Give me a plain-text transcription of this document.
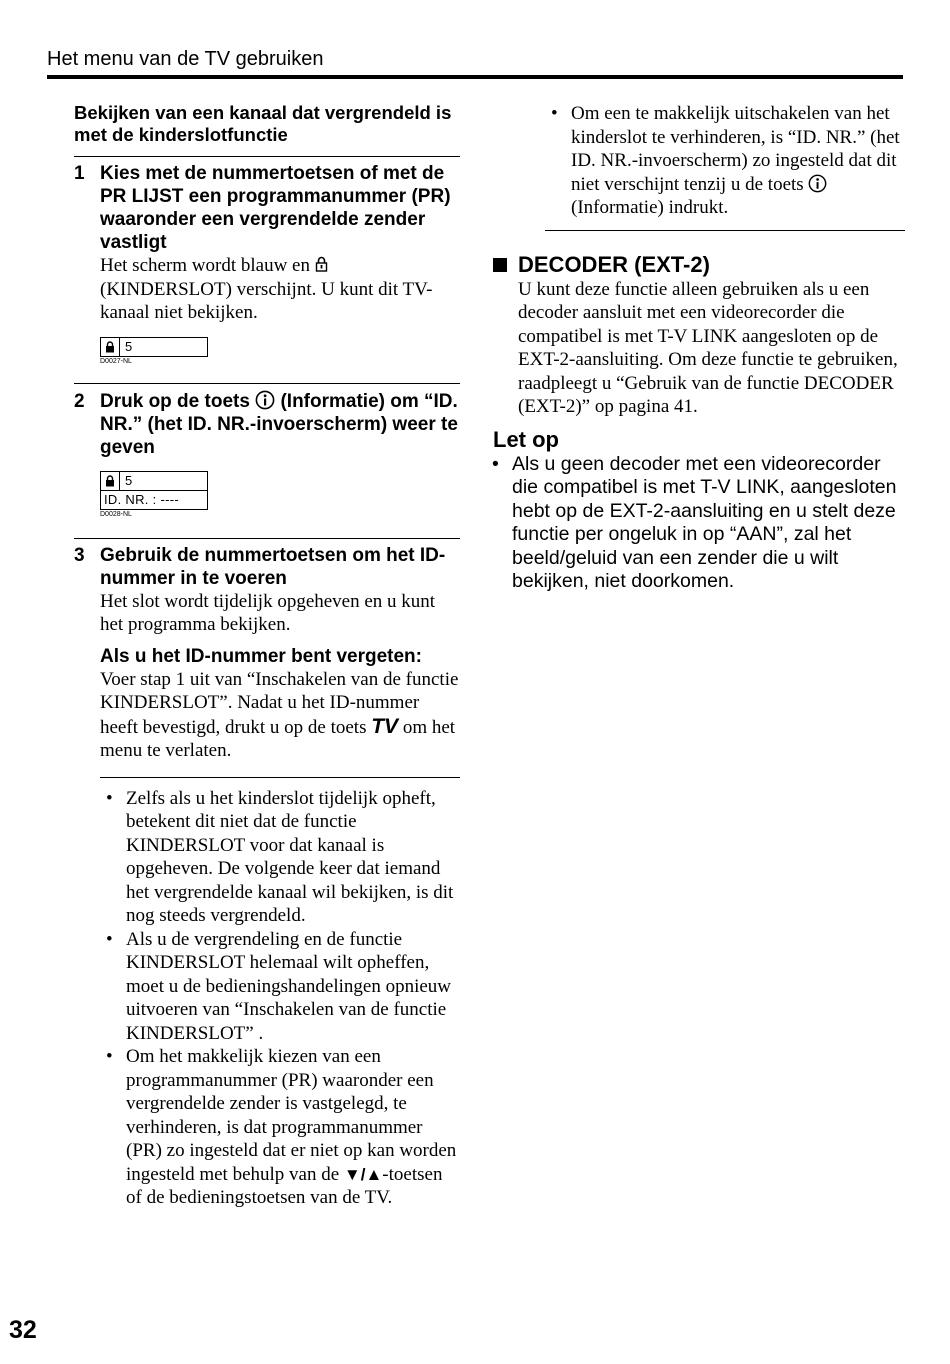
Het menu van de TV gebruiken
Bekijken van een kanaal dat vergrendeld is met de kinderslotfunctie
1 Kies met de nummertoetsen of met de PR LIJST een programmanummer (PR) waaronder een vergrendelde zender vastligt
Het scherm wordt blauw en  (KINDERSLOT) verschijnt. U kunt dit TV-kanaal niet bekijken.
5
D0027-NL
2 Druk op de toets (Informatie) om “ID. NR.” (het ID. NR.-invoerscherm) weer te geven
5
ID. NR. : ----
D0028-NL
3 Gebruik de nummertoetsen om het ID-nummer in te voeren
Het slot wordt tijdelijk opgeheven en u kunt het programma bekijken.
Als u het ID-nummer bent vergeten:
Voer stap 1 uit van “Inschakelen van de functie KINDERSLOT”. Nadat u het ID-nummer heeft bevestigd, drukt u op de toets TV om het menu te verlaten.
• Zelfs als u het kinderslot tijdelijk opheft, betekent dit niet dat de functie KINDERSLOT voor dat kanaal is opgeheven. De volgende keer dat iemand het vergrendelde kanaal wil bekijken, is dit nog steeds vergrendeld.
• Als u de vergrendeling en de functie KINDERSLOT helemaal wilt opheffen, moet u de bedieningshandelingen opnieuw uitvoeren van “Inschakelen van de functie KINDERSLOT” .
• Om het makkelijk kiezen van een programmanummer (PR) waaronder een vergrendelde zender is vastgelegd, te verhinderen, is dat programmanummer (PR) zo ingesteld dat er niet op kan worden ingesteld met behulp van de ▼/▲-toetsen of de bedieningstoetsen van de TV.
• Om een te makkelijk uitschakelen van het kinderslot te verhinderen, is “ID. NR.” (het ID. NR.-invoerscherm) zo ingesteld dat dit niet verschijnt tenzij u de toets  (Informatie) indrukt.
DECODER (EXT-2)
U kunt deze functie alleen gebruiken als u een decoder aansluit met een videorecorder die compatibel is met T-V LINK aangesloten op de EXT-2-aansluiting. Om deze functie te gebruiken, raadpleegt u “Gebruik van de functie DECODER (EXT-2)” op pagina 41.
Let op
• Als u geen decoder met een videorecorder die compatibel is met T-V LINK, aangesloten hebt op de EXT-2-aansluiting en u stelt deze functie per ongeluk in op “AAN”, zal het beeld/geluid van een zender die u wilt bekijken, niet doorkomen.
32
